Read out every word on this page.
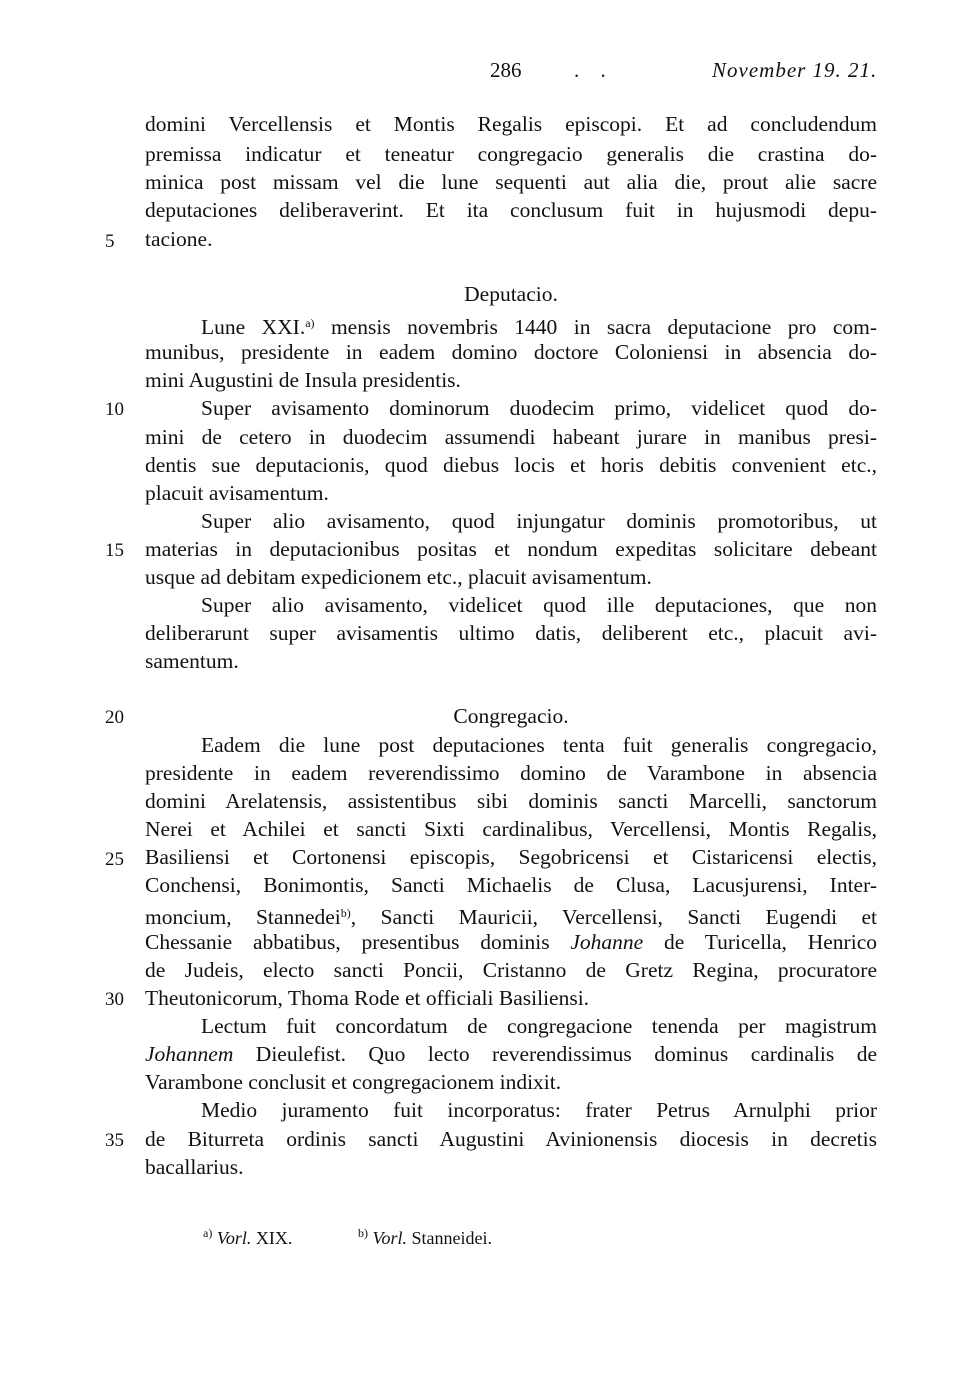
286	. .	November 19. 21.
domini Vercellensis et Montis Regalis episcopi. Et ad concludendum
premissa indicatur et teneatur congregacio generalis die crastina do-
minica post missam vel die lune sequenti aut alia die, prout alie sacre
deputaciones deliberaverint. Et ita conclusum fuit in hujusmodi depu-
tacione.
5
Deputacio.
Lune XXI.$^{a)}$ mensis novembris 1440 in sacra deputacione pro com-
munibus, presidente in eadem domino doctore Coloniensi in absencia do-
mini Augustini de Insula presidentis.
Super avisamento dominorum duodecim primo, videlicet quod do-
10
mini de cetero in duodecim assumendi habeant jurare in manibus presi-
dentis sue deputacionis, quod diebus locis et horis debitis convenient etc.,
placuit avisamentum.
Super alio avisamento, quod injungatur dominis promotoribus, ut
materias in deputacionibus positas et nondum expeditas solicitare debeant
15
usque ad debitam expedicionem etc., placuit avisamentum.
Super alio avisamento, videlicet quod ille deputaciones, que non
deliberarunt super avisamentis ultimo datis, deliberent etc., placuit avi-
samentum.
Congregacio.
20
Eadem die lune post deputaciones tenta fuit generalis congregacio,
presidente in eadem reverendissimo domino de Varambone in absencia
domini Arelatensis, assistentibus sibi dominis sancti Marcelli, sanctorum
Nerei et Achilei et sancti Sixti cardinalibus, Vercellensi, Montis Regalis,
Basiliensi et Cortonensi episcopis, Segobricensi et Cistaricensi electis,
25
Conchensi, Bonimontis, Sancti Michaelis de Clusa, Lacusjurensi, Inter-
moncium, Stannedei$^{b)}$, Sancti Mauricii, Vercellensi, Sancti Eugendi et
Chessanie abbatibus, presentibus dominis Johanne de Turicella, Henrico
de Judeis, electo sancti Poncii, Cristanno de Gretz Regina, procuratore
Theutonicorum, Thoma Rode et officiali Basiliensi.
30
Lectum fuit concordatum de congregacione tenenda per magistrum
Johannem Dieulefist. Quo lecto reverendissimus dominus cardinalis de
Varambone conclusit et congregacionem indixit.
Medio juramento fuit incorporatus: frater Petrus Arnulphi prior
de Biturreta ordinis sancti Augustini Avinionensis diocesis in decretis
35
bacallarius.
$^{a)}$ Vorl. XIX.	$^{b)}$ Vorl. Stanneidei.
